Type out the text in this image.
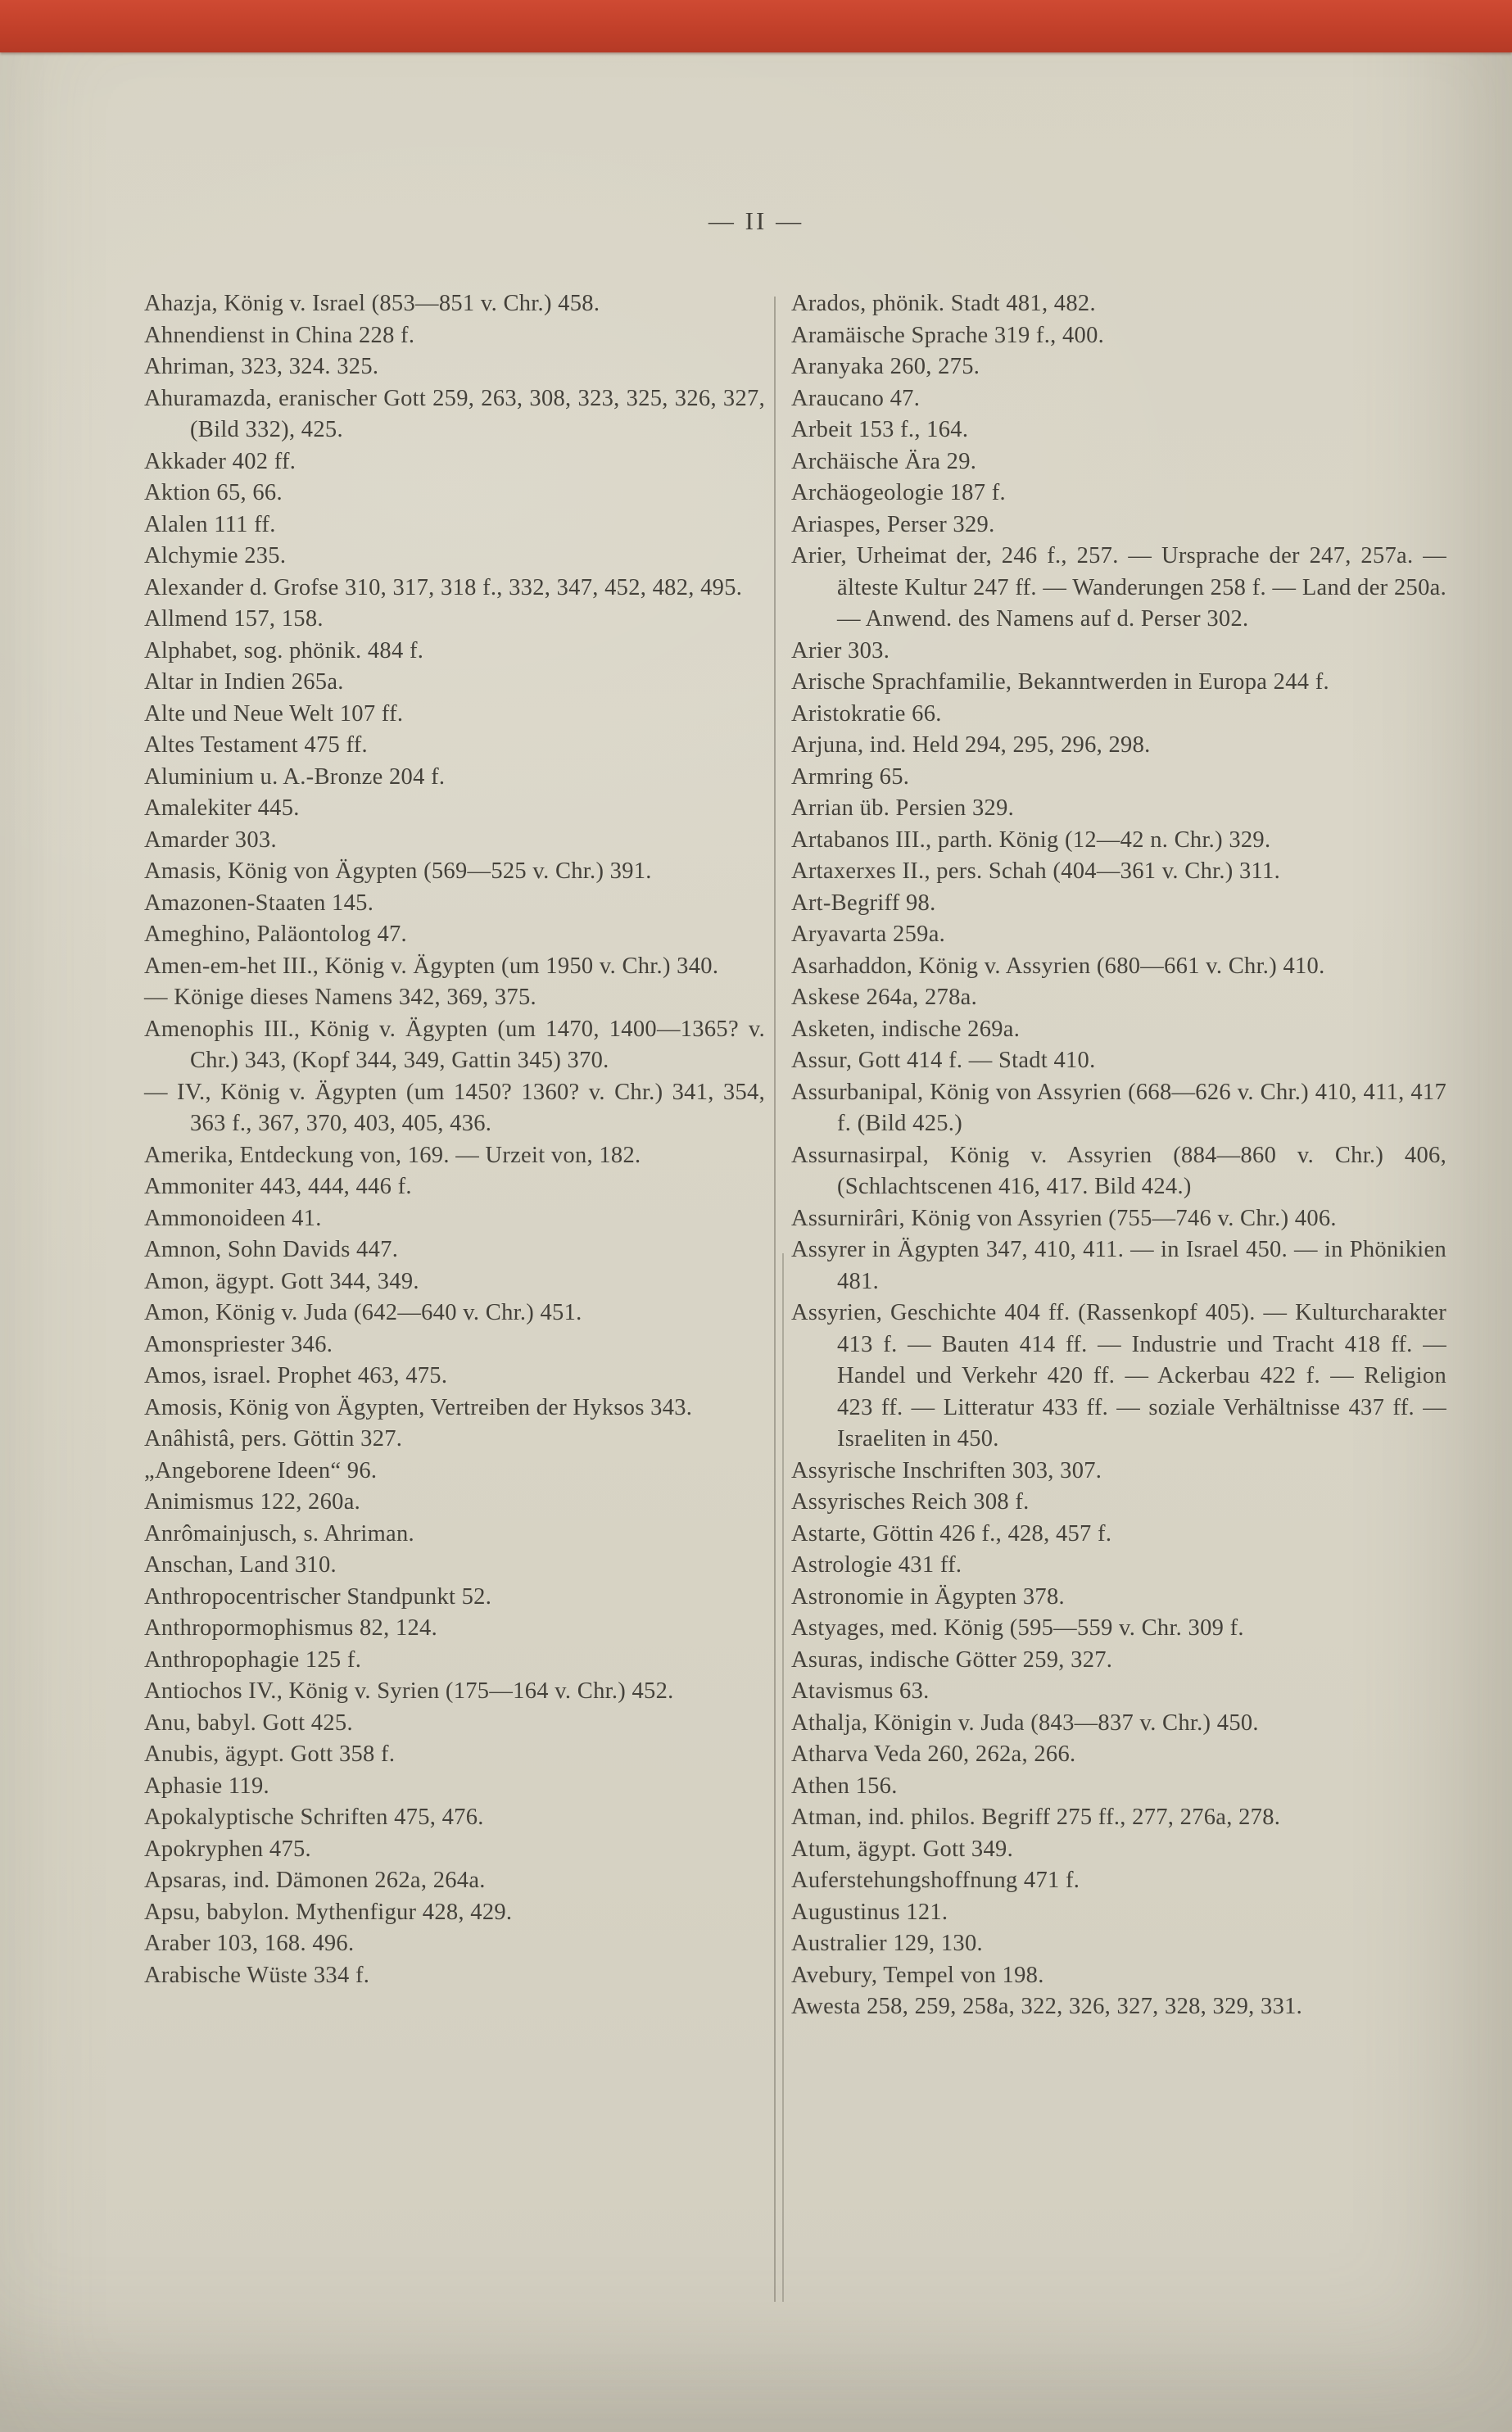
— II —

Ahazja, König v. Israel (853—851 v. Chr.) 458.

Ahnendienst in China 228 f.

Ahriman, 323, 324. 325.

Ahuramazda, eranischer Gott 259, 263, 308, 323, 325, 326, 327, (Bild 332), 425.

Akkader 402 ff.

Aktion 65, 66.

Alalen 111 ff.

Alchymie 235.

Alexander d. Grofse 310, 317, 318 f., 332, 347, 452, 482, 495.

Allmend 157, 158.

Alphabet, sog. phönik. 484 f.

Altar in Indien 265a.

Alte und Neue Welt 107 ff.

Altes Testament 475 ff.

Aluminium u. A.-Bronze 204 f.

Amalekiter 445.

Amarder 303.

Amasis, König von Ägypten (569—525 v. Chr.) 391.

Amazonen-Staaten 145.

Ameghino, Paläontolog 47.

Amen-em-het III., König v. Ägypten (um 1950 v. Chr.) 340.

— Könige dieses Namens 342, 369, 375.

Amenophis III., König v. Ägypten (um 1470, 1400—1365? v. Chr.) 343, (Kopf 344, 349, Gattin 345) 370.

— IV., König v. Ägypten (um 1450? 1360? v. Chr.) 341, 354, 363 f., 367, 370, 403, 405, 436.

Amerika, Entdeckung von, 169. — Urzeit von, 182.

Ammoniter 443, 444, 446 f.

Ammonoideen 41.

Amnon, Sohn Davids 447.

Amon, ägypt. Gott 344, 349.

Amon, König v. Juda (642—640 v. Chr.) 451.

Amonspriester 346.

Amos, israel. Prophet 463, 475.

Amosis, König von Ägypten, Vertreiben der Hyksos 343.

Anâhistâ, pers. Göttin 327.

„Angeborene Ideen“ 96.

Animismus 122, 260a.

Anrômainjusch, s. Ahriman.

Anschan, Land 310.

Anthropocentrischer Standpunkt 52.

Anthropormophismus 82, 124.

Anthropophagie 125 f.

Antiochos IV., König v. Syrien (175—164 v. Chr.) 452.

Anu, babyl. Gott 425.

Anubis, ägypt. Gott 358 f.

Aphasie 119.

Apokalyptische Schriften 475, 476.

Apokryphen 475.

Apsaras, ind. Dämonen 262a, 264a.

Apsu, babylon. Mythenfigur 428, 429.

Araber 103, 168. 496.

Arabische Wüste 334 f.

Arados, phönik. Stadt 481, 482.

Aramäische Sprache 319 f., 400.

Aranyaka 260, 275.

Araucano 47.

Arbeit 153 f., 164.

Archäische Ära 29.

Archäogeologie 187 f.

Ariaspes, Perser 329.

Arier, Urheimat der, 246 f., 257. — Ursprache der 247, 257a. — älteste Kultur 247 ff. — Wanderungen 258 f. — Land der 250a. — Anwend. des Namens auf d. Perser 302.

Arier 303.

Arische Sprachfamilie, Bekanntwerden in Europa 244 f.

Aristokratie 66.

Arjuna, ind. Held 294, 295, 296, 298.

Armring 65.

Arrian üb. Persien 329.

Artabanos III., parth. König (12—42 n. Chr.) 329.

Artaxerxes II., pers. Schah (404—361 v. Chr.) 311.

Art-Begriff 98.

Aryavarta 259a.

Asarhaddon, König v. Assyrien (680—661 v. Chr.) 410.

Askese 264a, 278a.

Asketen, indische 269a.

Assur, Gott 414 f. — Stadt 410.

Assurbanipal, König von Assyrien (668—626 v. Chr.) 410, 411, 417 f. (Bild 425.)

Assurnasirpal, König v. Assyrien (884—860 v. Chr.) 406, (Schlachtscenen 416, 417. Bild 424.)

Assurnirâri, König von Assyrien (755—746 v. Chr.) 406.

Assyrer in Ägypten 347, 410, 411. — in Israel 450. — in Phönikien 481.

Assyrien, Geschichte 404 ff. (Rassenkopf 405). — Kulturcharakter 413 f. — Bauten 414 ff. — Industrie und Tracht 418 ff. — Handel und Verkehr 420 ff. — Ackerbau 422 f. — Religion 423 ff. — Litteratur 433 ff. — soziale Verhältnisse 437 ff. — Israeliten in 450.

Assyrische Inschriften 303, 307.

Assyrisches Reich 308 f.

Astarte, Göttin 426 f., 428, 457 f.

Astrologie 431 ff.

Astronomie in Ägypten 378.

Astyages, med. König (595—559 v. Chr. 309 f.

Asuras, indische Götter 259, 327.

Atavismus 63.

Athalja, Königin v. Juda (843—837 v. Chr.) 450.

Atharva Veda 260, 262a, 266.

Athen 156.

Atman, ind. philos. Begriff 275 ff., 277, 276a, 278.

Atum, ägypt. Gott 349.

Auferstehungshoffnung 471 f.

Augustinus 121.

Australier 129, 130.

Avebury, Tempel von 198.

Awesta 258, 259, 258a, 322, 326, 327, 328, 329, 331.
